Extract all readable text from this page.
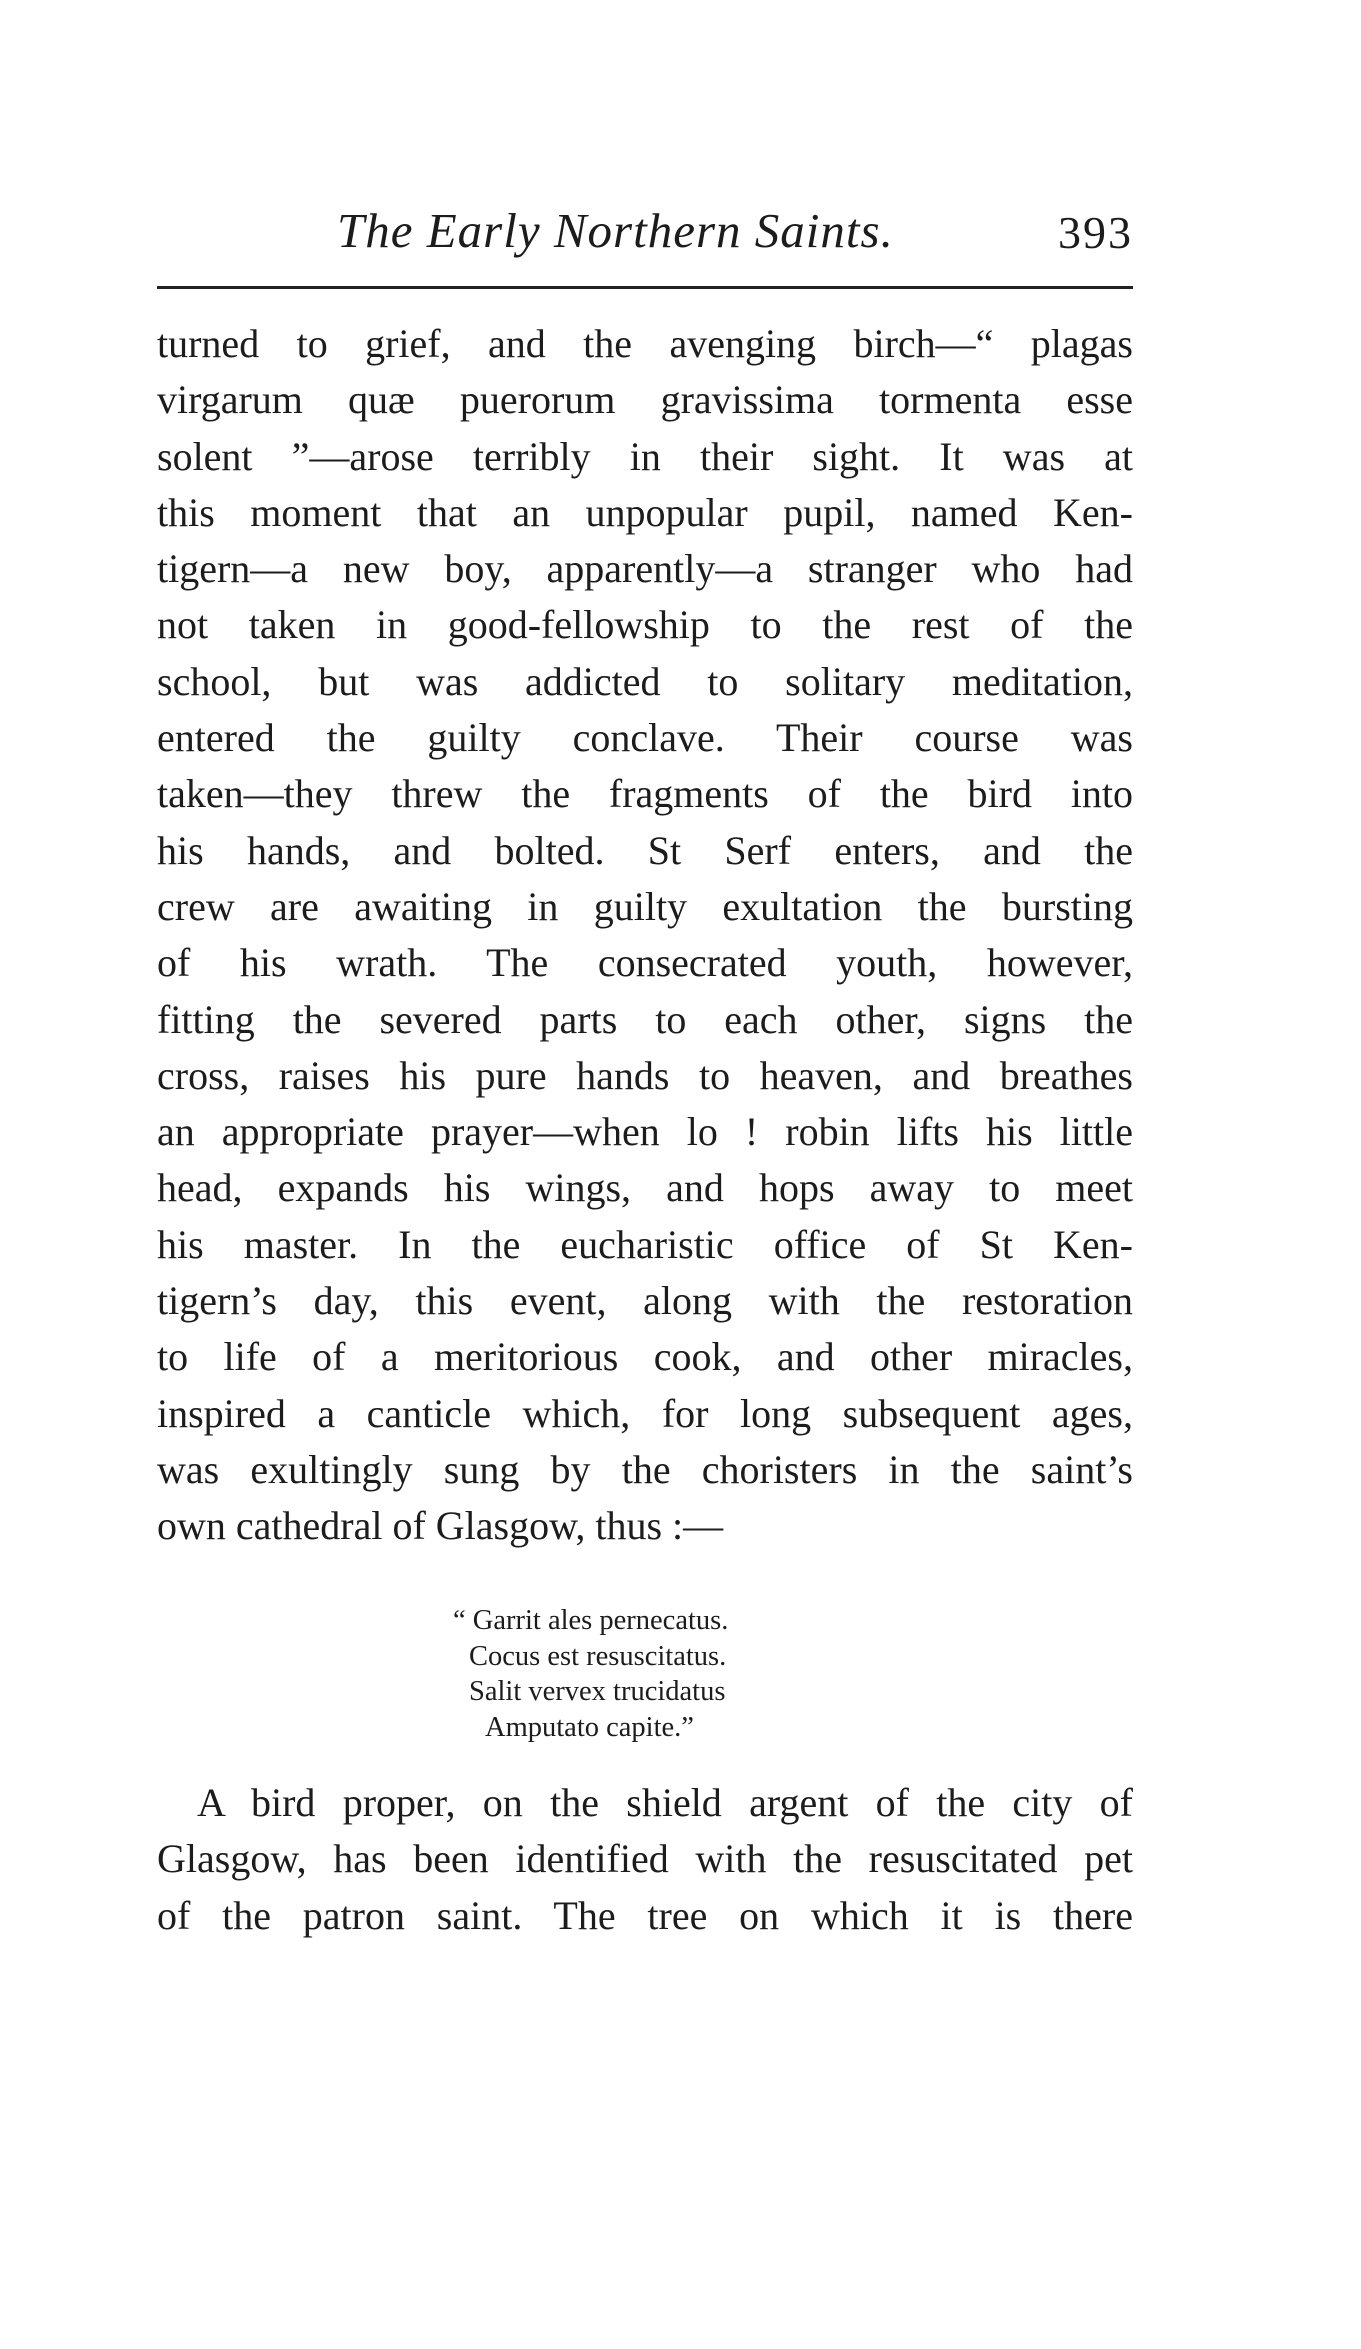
The Early Northern Saints.	393
turned to grief, and the avenging birch—“ plagas
virgarum quæ puerorum gravissima tormenta esse
solent ”—arose terribly in their sight. It was at
this moment that an unpopular pupil, named Ken-
tigern—a new boy, apparently—a stranger who had
not taken in good-fellowship to the rest of the
school, but was addicted to solitary meditation,
entered the guilty conclave. Their course was
taken—they threw the fragments of the bird into
his hands, and bolted. St Serf enters, and the
crew are awaiting in guilty exultation the bursting
of his wrath. The consecrated youth, however,
fitting the severed parts to each other, signs the
cross, raises his pure hands to heaven, and breathes
an appropriate prayer—when lo ! robin lifts his little
head, expands his wings, and hops away to meet
his master. In the eucharistic office of St Ken-
tigern’s day, this event, along with the restoration
to life of a meritorious cook, and other miracles,
inspired a canticle which, for long subsequent ages,
was exultingly sung by the choristers in the saint’s
own cathedral of Glasgow, thus :—
“ Garrit ales pernecatus.
Cocus est resuscitatus.
Salit vervex trucidatus
Amputato capite.”
A bird proper, on the shield argent of the city of
Glasgow, has been identified with the resuscitated pet
of the patron saint. The tree on which it is there
